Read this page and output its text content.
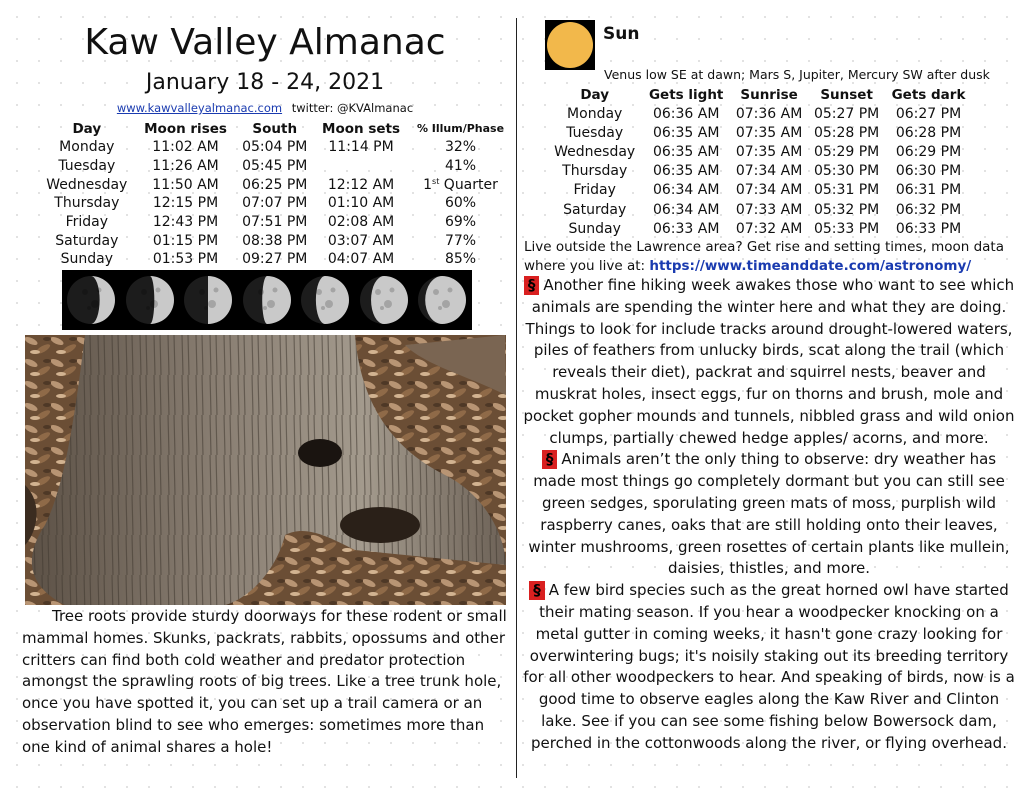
Kaw Valley Almanac
January 18 - 24, 2021
www.kawvalleyalmanac.com twitter: @KVAlmanac
Day	Moon rises	South	Moon sets	% Illum/Phase
Monday	11:02 AM	05:04 PM	11:14 PM	32%
Tuesday	11:26 AM	05:45 PM		41%
Wednesday	11:50 AM	06:25 PM	12:12 AM	1st Quarter
Thursday	12:15 PM	07:07 PM	01:10 AM	60%
Friday	12:43 PM	07:51 PM	02:08 AM	69%
Saturday	01:15 PM	08:38 PM	03:07 AM	77%
Sunday	01:53 PM	09:27 PM	04:07 AM	85%

Tree roots provide sturdy doorways for these rodent or small mammal homes. Skunks, packrats, rabbits, opossums and other critters can find both cold weather and predator protection amongst the sprawling roots of big trees. Like a tree trunk hole, once you have spotted it, you can set up a trail camera or an observation blind to see who emerges: sometimes more than one kind of animal shares a hole!

Sun
Venus low SE at dawn; Mars S, Jupiter, Mercury SW after dusk
Day	Gets light	Sunrise	Sunset	Gets dark
Monday	06:36 AM	07:36 AM	05:27 PM	06:27 PM
Tuesday	06:35 AM	07:35 AM	05:28 PM	06:28 PM
Wednesday	06:35 AM	07:35 AM	05:29 PM	06:29 PM
Thursday	06:35 AM	07:34 AM	05:30 PM	06:30 PM
Friday	06:34 AM	07:34 AM	05:31 PM	06:31 PM
Saturday	06:34 AM	07:33 AM	05:32 PM	06:32 PM
Sunday	06:33 AM	07:32 AM	05:33 PM	06:33 PM

Live outside the Lawrence area? Get rise and setting times, moon data where you live at: https://www.timeanddate.com/astronomy/

§ Another fine hiking week awakes those who want to see which animals are spending the winter here and what they are doing. Things to look for include tracks around drought-lowered waters, piles of feathers from unlucky birds, scat along the trail (which reveals their diet), packrat and squirrel nests, beaver and muskrat holes, insect eggs, fur on thorns and brush, mole and pocket gopher mounds and tunnels, nibbled grass and wild onion clumps, partially chewed hedge apples/ acorns, and more.

§ Animals aren’t the only thing to observe: dry weather has made most things go completely dormant but you can still see green sedges, sporulating green mats of moss, purplish wild raspberry canes, oaks that are still holding onto their leaves, winter mushrooms, green rosettes of certain plants like mullein, daisies, thistles, and more.

§ A few bird species such as the great horned owl have started their mating season. If you hear a woodpecker knocking on a metal gutter in coming weeks, it hasn't gone crazy looking for overwintering bugs; it's noisily staking out its breeding territory for all other woodpeckers to hear. And speaking of birds, now is a good time to observe eagles along the Kaw River and Clinton lake. See if you can see some fishing below Bowersock dam, perched in the cottonwoods along the river, or flying overhead.
